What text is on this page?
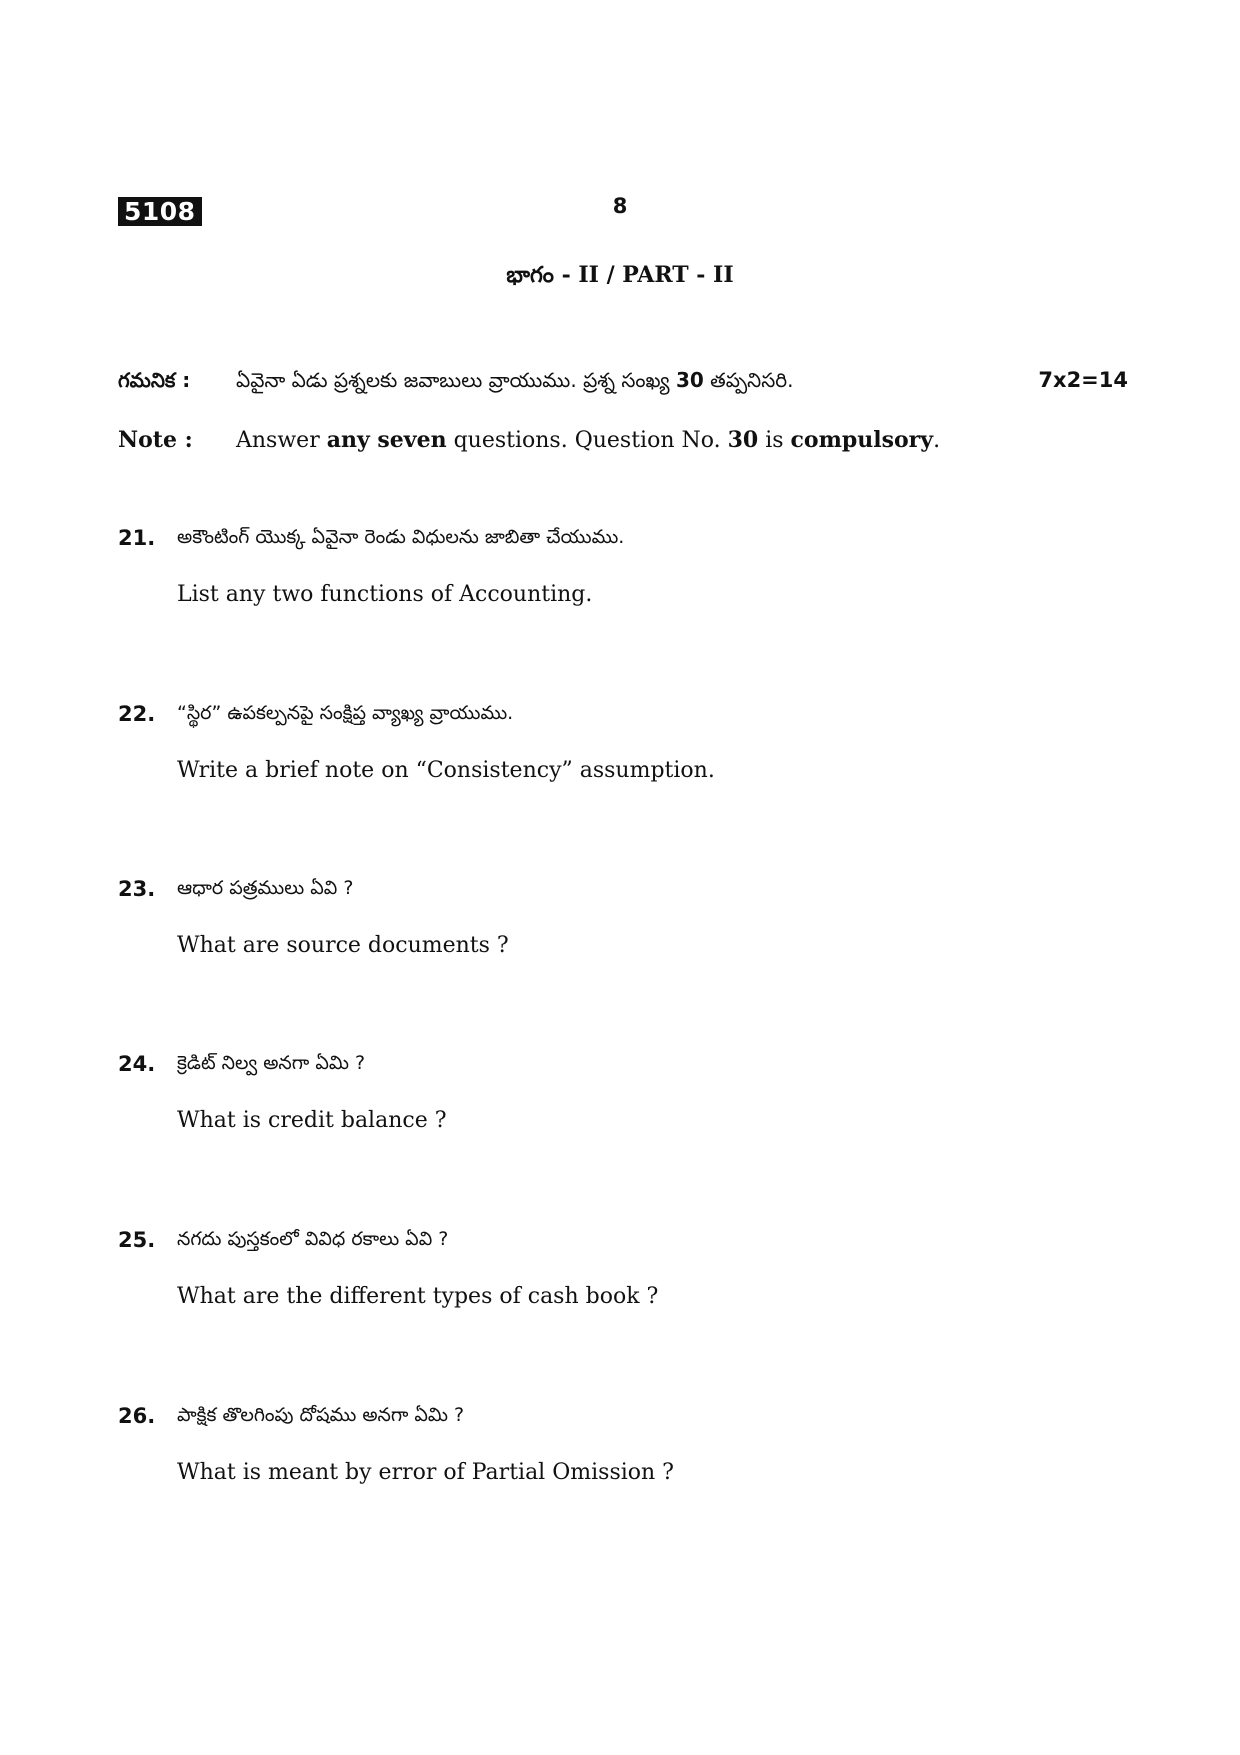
5108	8
భాగం - II / PART - II
గమనిక : ఏవైనా ఏడు ప్రశ్నలకు జవాబులు వ్రాయుము. ప్రశ్న సంఖ్య 30 తప్పనిసరి.	7x2=14
Note : Answer any seven questions. Question No. 30 is compulsory.
21. అకౌంటింగ్ యొక్క ఏవైనా రెండు విధులను జాబితా చేయుము.
List any two functions of Accounting.
22. “స్థిర” ఉపకల్పనపై సంక్షిప్త వ్యాఖ్య వ్రాయుము.
Write a brief note on “Consistency” assumption.
23. ఆధార పత్రములు ఏవి ?
What are source documents ?
24. క్రెడిట్ నిల్వ అనగా ఏమి ?
What is credit balance ?
25. నగదు పుస్తకంలో వివిధ రకాలు ఏవి ?
What are the different types of cash book ?
26. పాక్షిక తొలగింపు దోషము అనగా ఏమి ?
What is meant by error of Partial Omission ?
